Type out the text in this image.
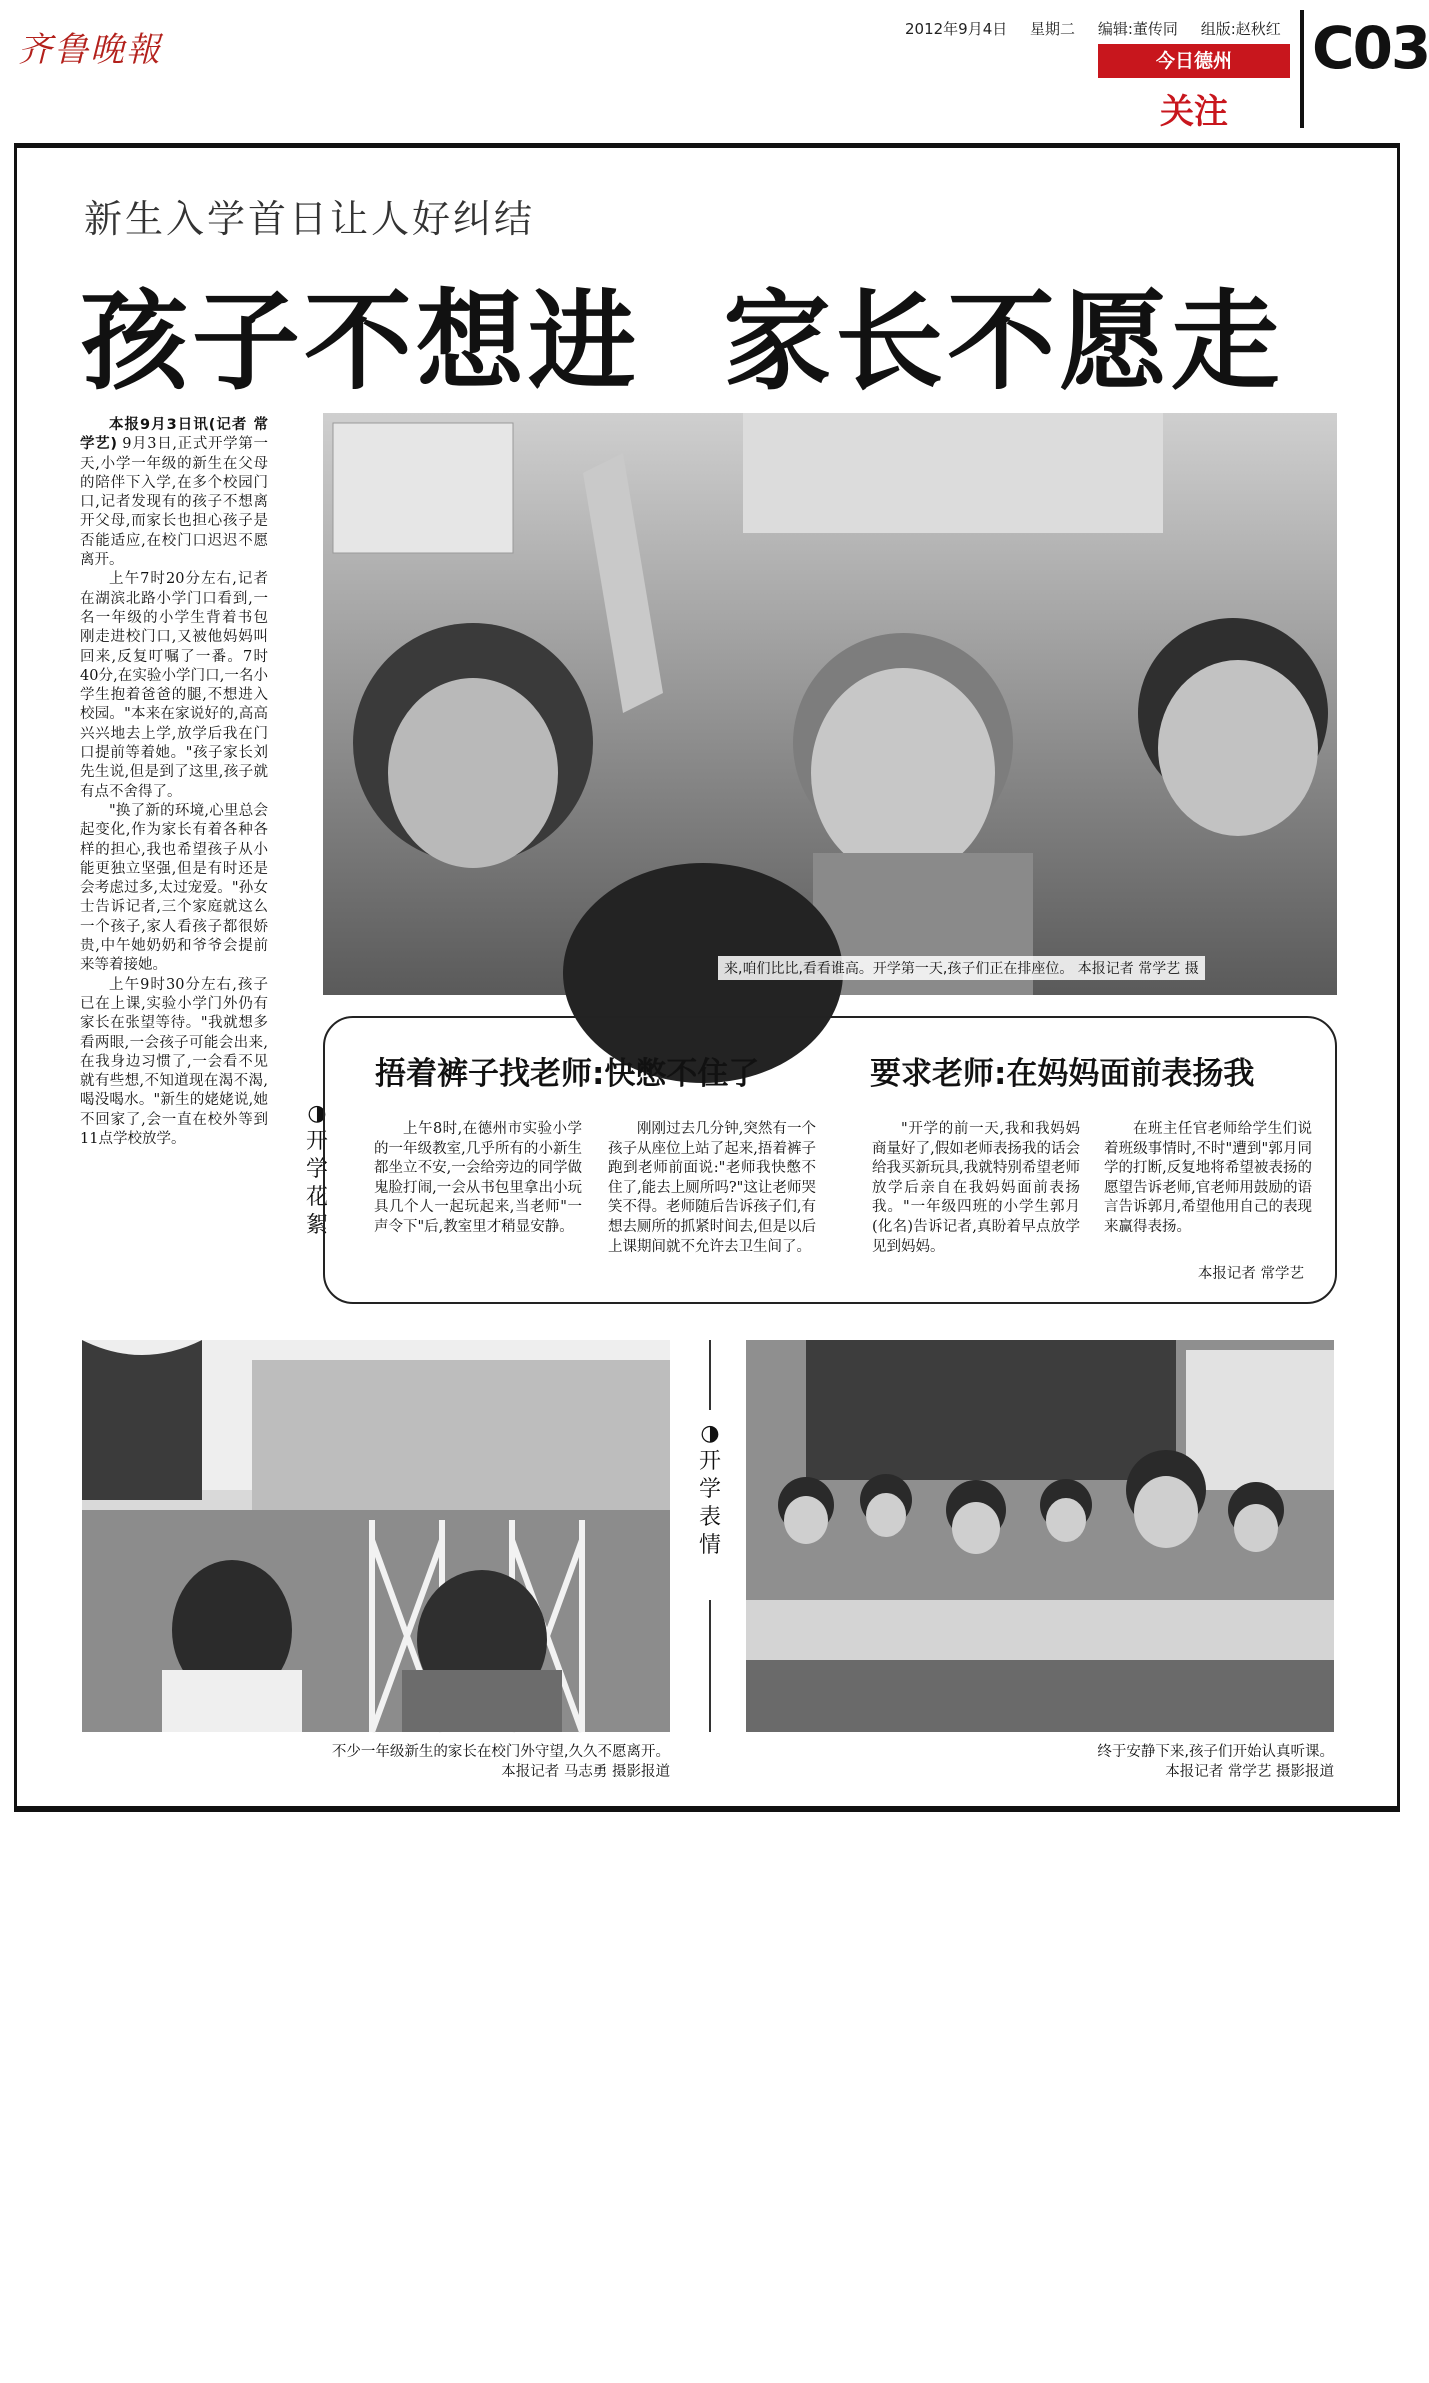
齐鲁晚報
2012年9月4日 星期二 编辑:董传同 组版:赵秋红
今日德州
关注
C03
新生入学首日让人好纠结
孩子不想进  家长不愿走

本报9月3日讯(记者 常学艺) 9月3日,正式开学第一天,小学一年级的新生在父母的陪伴下入学,在多个校园门口,记者发现有的孩子不想离开父母,而家长也担心孩子是否能适应,在校门口迟迟不愿离开。

上午7时20分左右,记者在湖滨北路小学门口看到,一名一年级的小学生背着书包刚走进校门口,又被他妈妈叫回来,反复叮嘱了一番。7时40分,在实验小学门口,一名小学生抱着爸爸的腿,不想进入校园。"本来在家说好的,高高兴兴地去上学,放学后我在门口提前等着她。"孩子家长刘先生说,但是到了这里,孩子就有点不舍得了。

"换了新的环境,心里总会起变化,作为家长有着各种各样的担心,我也希望孩子从小能更独立坚强,但是有时还是会考虑过多,太过宠爱。"孙女士告诉记者,三个家庭就这么一个孩子,家人看孩子都很娇贵,中午她奶奶和爷爷会提前来等着接她。

上午9时30分左右,孩子已在上课,实验小学门外仍有家长在张望等待。"我就想多看两眼,一会孩子可能会出来,在我身边习惯了,一会看不见就有些想,不知道现在渴不渴,喝没喝水。"新生的姥姥说,她不回家了,会一直在校外等到11点学校放学。

来,咱们比比,看看谁高。开学第一天,孩子们正在排座位。 本报记者 常学艺 摄
◑
开学花絮
捂着裤子找老师:快憋不住了

上午8时,在德州市实验小学的一年级教室,几乎所有的小新生都坐立不安,一会给旁边的同学做鬼脸打闹,一会从书包里拿出小玩具几个人一起玩起来,当老师"一声令下"后,教室里才稍显安静。

刚刚过去几分钟,突然有一个孩子从座位上站了起来,捂着裤子跑到老师前面说:"老师我快憋不住了,能去上厕所吗?"这让老师哭笑不得。老师随后告诉孩子们,有想去厕所的抓紧时间去,但是以后上课期间就不允许去卫生间了。

要求老师:在妈妈面前表扬我

"开学的前一天,我和我妈妈商量好了,假如老师表扬我的话会给我买新玩具,我就特别希望老师放学后亲自在我妈妈面前表扬我。"一年级四班的小学生郭月(化名)告诉记者,真盼着早点放学见到妈妈。

在班主任官老师给学生们说着班级事情时,不时"遭到"郭月同学的打断,反复地将希望被表扬的愿望告诉老师,官老师用鼓励的语言告诉郭月,希望他用自己的表现来赢得表扬。

本报记者 常学艺
◑
开学表情
不少一年级新生的家长在校门外守望,久久不愿离开。
本报记者 马志勇 摄影报道
终于安静下来,孩子们开始认真听课。
本报记者 常学艺 摄影报道
